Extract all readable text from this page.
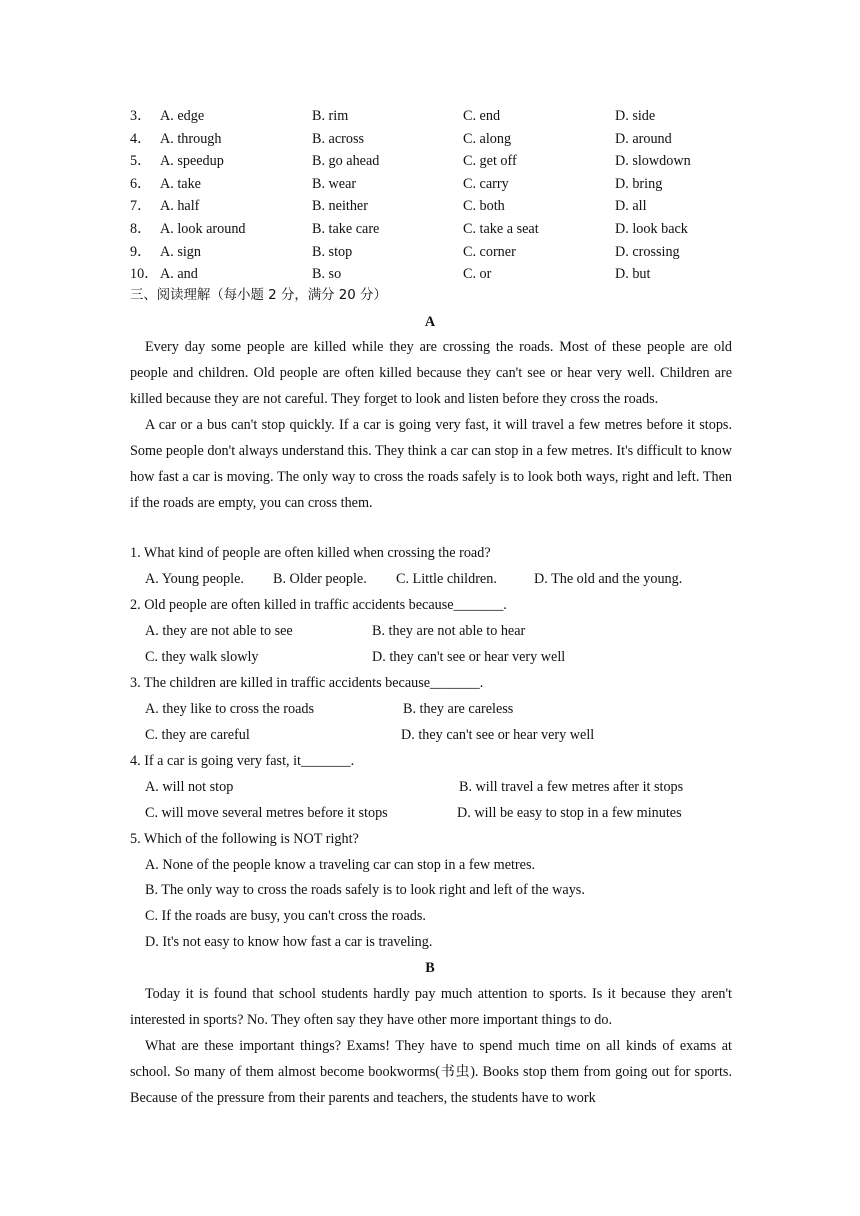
3． A. edge	B. rim	C. end	D. side
4． A. through	B. across	C. along	D. around
5． A. speedup	B. go ahead	C. get off	D. slowdown
6． A. take	B. wear	C. carry	D. bring
7． A. half	B. neither	C. both	D. all
8． A. look around	B. take care	C. take a seat	D. look back
9． A. sign	B. stop	C. corner	D. crossing
10． A. and	B. so	C. or	D. but
三、阅读理解（每小题 2 分，满分 20 分）
A

Every day some people are killed while they are crossing the roads. Most of these people are old people and children. Old people are often killed because they can't see or hear very well. Children are killed because they are not careful. They forget to look and listen before they cross the roads.

A car or a bus can't stop quickly. If a car is going very fast, it will travel a few metres before it stops. Some people don't always understand this. They think a car can stop in a few metres. It's difficult to know how fast a car is moving. The only way to cross the roads safely is to look both ways, right and left. Then if the roads are empty, you can cross them.

1. What kind of people are often killed when crossing the road?
A. Young people. B. Older people. C. Little children.	D. The old and the young.
2. Old people are often killed in traffic accidents because_______.
A. they are not able to see	B. they are not able to hear
C. they walk slowly	D. they can't see or hear very well
3. The children are killed in traffic accidents because_______.
A. they like to cross the roads	B. they are careless
C. they are careful	D. they can't see or hear very well
4. If a car is going very fast, it_______.
A. will not stop	B. will travel a few metres after it stops
C. will move several metres before it stops	D. will be easy to stop in a few minutes
5. Which of the following is NOT right?
A. None of the people know a traveling car can stop in a few metres.
B. The only way to cross the roads safely is to look right and left of the ways.
C. If the roads are busy, you can't cross the roads.
D. It's not easy to know how fast a car is traveling.
B

Today it is found that school students hardly pay much attention to sports. Is it because they aren't interested in sports? No. They often say they have other more important things to do.

What are these important things? Exams! They have to spend much time on all kinds of exams at school. So many of them almost become bookworms(书虫). Books stop them from going out for sports. Because of the pressure from their parents and teachers, the students have to work
